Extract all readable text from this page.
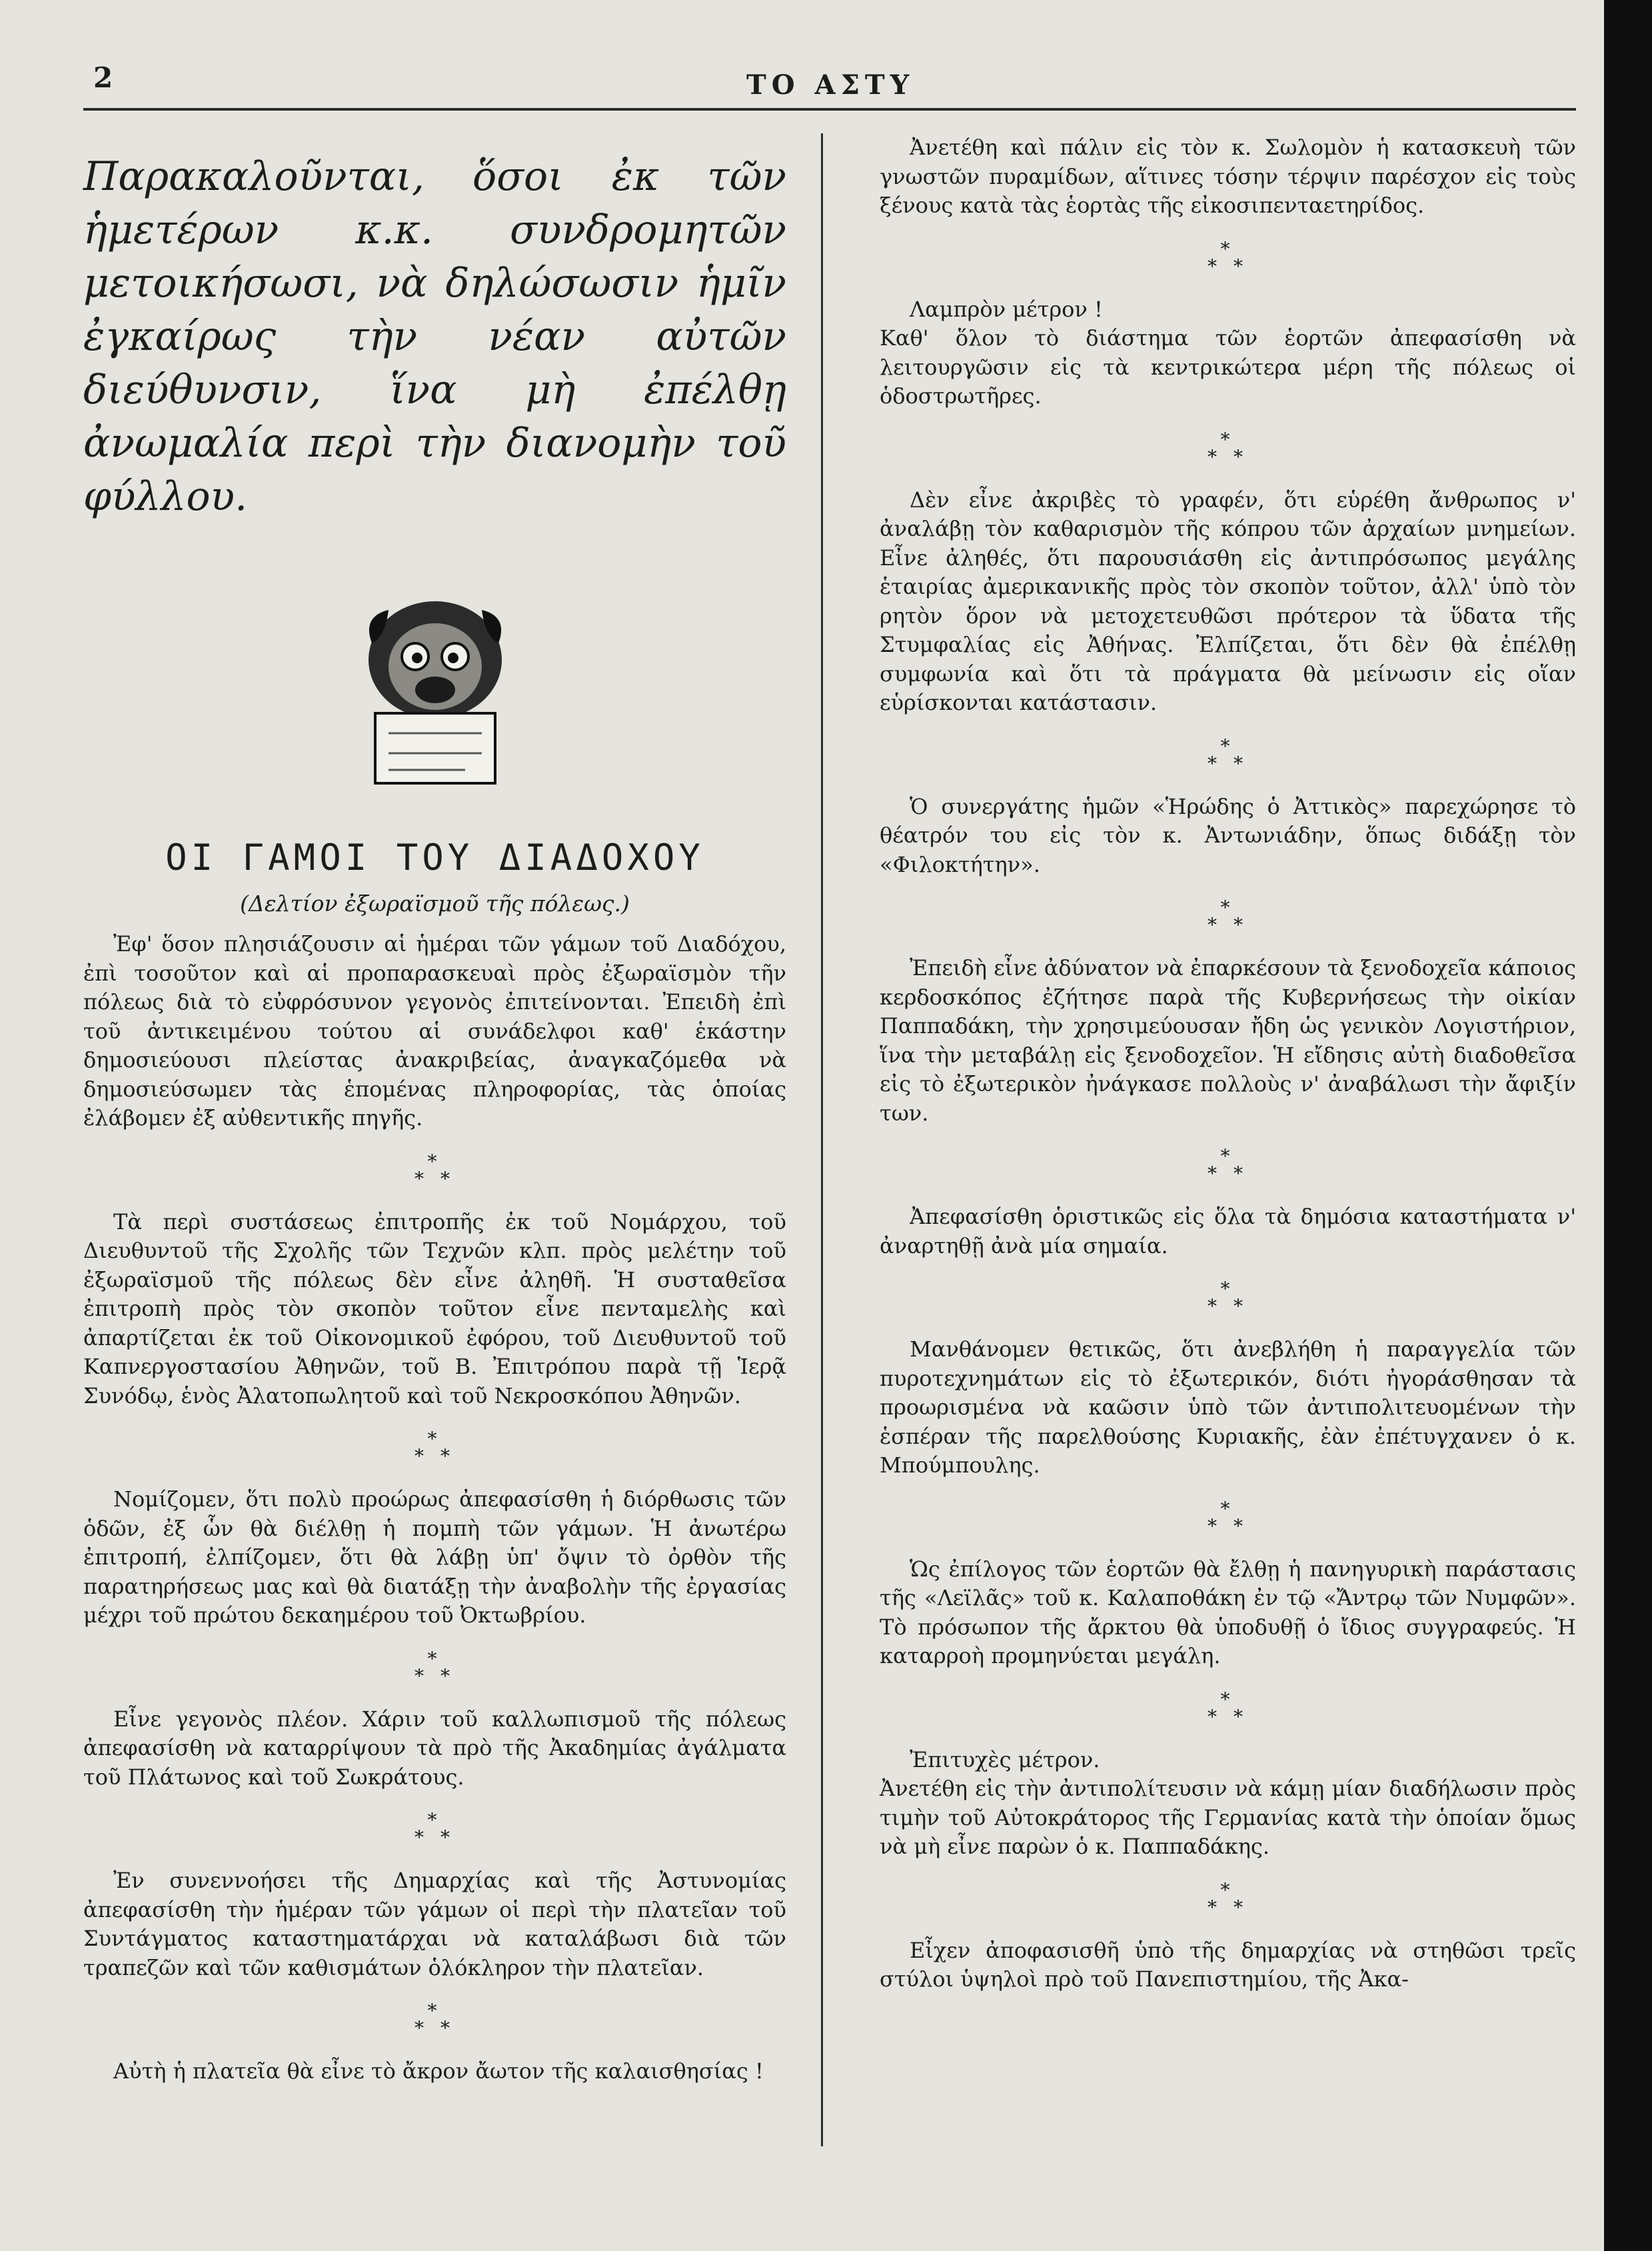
2	ΤΟ ΑΣΤΥ

Παρακαλοῦνται, ὅσοι ἐκ τῶν ἡμετέρων κ.κ. συνδρομητῶν μετοικήσωσι, νὰ δηλώσωσιν ἡμῖν ἐγκαίρως τὴν νέαν αὐτῶν διεύθυνσιν, ἵνα μὴ ἐπέλθῃ ἀνωμαλία περὶ τὴν διανομὴν τοῦ φύλλου.

ΟΙ ΓΑΜΟΙ ΤΟΥ ΔΙΑΔΟΧΟΥ
(Δελτίον ἐξωραϊσμοῦ τῆς πόλεως.)

Ἐφ' ὅσον πλησιάζουσιν αἱ ἡμέραι τῶν γάμων τοῦ Διαδόχου, ἐπὶ τοσοῦτον καὶ αἱ προπαρασκευαὶ πρὸς ἐξωραϊσμὸν τῆν πόλεως διὰ τὸ εὐφρόσυνον γεγονὸς ἐπιτείνονται. Ἐπειδὴ ἐπὶ τοῦ ἀντικειμένου τούτου αἱ συνάδελφοι καθ' ἑκάστην δημοσιεύουσι πλείστας ἀνακριβείας, ἀναγκαζόμεθα νὰ δημοσιεύσωμεν τὰς ἑπομένας πληροφορίας, τὰς ὁποίας ἐλάβομεν ἐξ αὐθεντικῆς πηγῆς.

*
* *

Τὰ περὶ συστάσεως ἐπιτροπῆς ἐκ τοῦ Νομάρχου, τοῦ Διευθυντοῦ τῆς Σχολῆς τῶν Τεχνῶν κλπ. πρὸς μελέτην τοῦ ἐξωραϊσμοῦ τῆς πόλεως δὲν εἶνε ἀληθῆ. Ἡ συσταθεῖσα ἐπιτροπὴ πρὸς τὸν σκοπὸν τοῦτον εἶνε πενταμελὴς καὶ ἀπαρτίζεται ἐκ τοῦ Οἰκονομικοῦ ἐφόρου, τοῦ Διευθυντοῦ τοῦ Καπνεργοστασίου Ἀθηνῶν, τοῦ Β. Ἐπιτρόπου παρὰ τῇ Ἱερᾷ Συνόδῳ, ἑνὸς Ἀλατοπωλητοῦ καὶ τοῦ Νεκροσκόπου Ἀθηνῶν.

*
* *

Νομίζομεν, ὅτι πολὺ προώρως ἀπεφασίσθη ἡ διόρθωσις τῶν ὁδῶν, ἐξ ὧν θὰ διέλθῃ ἡ πομπὴ τῶν γάμων. Ἡ ἀνωτέρω ἐπιτροπή, ἐλπίζομεν, ὅτι θὰ λάβῃ ὑπ' ὄψιν τὸ ὀρθὸν τῆς παρατηρήσεως μας καὶ θὰ διατάξῃ τὴν ἀναβολὴν τῆς ἐργασίας μέχρι τοῦ πρώτου δεκαημέρου τοῦ Ὀκτωβρίου.

*
* *

Εἶνε γεγονὸς πλέον. Χάριν τοῦ καλλωπισμοῦ τῆς πόλεως ἀπεφασίσθη νὰ καταρρίψουν τὰ πρὸ τῆς Ἀκαδημίας ἀγάλματα τοῦ Πλάτωνος καὶ τοῦ Σωκράτους.

*
* *

Ἐν συνεννοήσει τῆς Δημαρχίας καὶ τῆς Ἀστυνομίας ἀπεφασίσθη τὴν ἡμέραν τῶν γάμων οἱ περὶ τὴν πλατεῖαν τοῦ Συντάγματος καταστηματάρχαι νὰ καταλάβωσι διὰ τῶν τραπεζῶν καὶ τῶν καθισμάτων ὁλόκληρον τὴν πλατεῖαν.

*
* *

Αὐτὴ ἡ πλατεῖα θὰ εἶνε τὸ ἄκρον ἄωτον τῆς καλαισθησίας !

Ἀνετέθη καὶ πάλιν εἰς τὸν κ. Σωλομὸν ἡ κατασκευὴ τῶν γνωστῶν πυραμίδων, αἵτινες τόσην τέρψιν παρέσχον εἰς τοὺς ξένους κατὰ τὰς ἑορτὰς τῆς εἰκοσιπενταετηρίδος.

*
* *

Λαμπρὸν μέτρον !
Καθ' ὅλον τὸ διάστημα τῶν ἑορτῶν ἀπεφασίσθη νὰ λειτουργῶσιν εἰς τὰ κεντρικώτερα μέρη τῆς πόλεως οἱ ὁδοστρωτῆρες.

*
* *

Δὲν εἶνε ἀκριβὲς τὸ γραφέν, ὅτι εὑρέθη ἄνθρωπος ν' ἀναλάβῃ τὸν καθαρισμὸν τῆς κόπρου τῶν ἀρχαίων μνημείων. Εἶνε ἀληθές, ὅτι παρουσιάσθη εἰς ἀντιπρόσωπος μεγάλης ἑταιρίας ἀμερικανικῆς πρὸς τὸν σκοπὸν τοῦτον, ἀλλ' ὑπὸ τὸν ρητὸν ὅρον νὰ μετοχετευθῶσι πρότερον τὰ ὕδατα τῆς Στυμφαλίας εἰς Ἀθήνας. Ἐλπίζεται, ὅτι δὲν θὰ ἐπέλθῃ συμφωνία καὶ ὅτι τὰ πράγματα θὰ μείνωσιν εἰς οἵαν εὑρίσκονται κατάστασιν.

*
* *

Ὁ συνεργάτης ἡμῶν «Ἡρώδης ὁ Ἀττικὸς» παρεχώρησε τὸ θέατρόν του εἰς τὸν κ. Ἀντωνιάδην, ὅπως διδάξῃ τὸν «Φιλοκτήτην».

*
* *

Ἐπειδὴ εἶνε ἀδύνατον νὰ ἐπαρκέσουν τὰ ξενοδοχεῖα κάποιος κερδοσκόπος ἐζήτησε παρὰ τῆς Κυβερνήσεως τὴν οἰκίαν Παππαδάκη, τὴν χρησιμεύουσαν ἤδη ὡς γενικὸν Λογιστήριον, ἵνα τὴν μεταβάλῃ εἰς ξενοδοχεῖον. Ἡ εἴδησις αὐτὴ διαδοθεῖσα εἰς τὸ ἐξωτερικὸν ἠνάγκασε πολλοὺς ν' ἀναβάλωσι τὴν ἄφιξίν των.

*
* *

Ἀπεφασίσθη ὁριστικῶς εἰς ὅλα τὰ δημόσια καταστήματα ν' ἀναρτηθῇ ἀνὰ μία σημαία.

*
* *

Μανθάνομεν θετικῶς, ὅτι ἀνεβλήθη ἡ παραγγελία τῶν πυροτεχνημάτων εἰς τὸ ἐξωτερικόν, διότι ἠγοράσθησαν τὰ προωρισμένα νὰ καῶσιν ὑπὸ τῶν ἀντιπολιτευομένων τὴν ἑσπέραν τῆς παρελθούσης Κυριακῆς, ἐὰν ἐπέτυγχανεν ὁ κ. Μπούμπουλης.

*
* *

Ὡς ἐπίλογος τῶν ἑορτῶν θὰ ἔλθῃ ἡ πανηγυρικὴ παράστασις τῆς «Λεϊλᾶς» τοῦ κ. Καλαποθάκη ἐν τῷ «Ἄντρῳ τῶν Νυμφῶν». Τὸ πρόσωπον τῆς ἄρκτου θὰ ὑποδυθῇ ὁ ἴδιος συγγραφεύς. Ἡ καταρροὴ προμηνύεται μεγάλη.

*
* *

Ἐπιτυχὲς μέτρον.
Ἀνετέθη εἰς τὴν ἀντιπολίτευσιν νὰ κάμῃ μίαν διαδήλωσιν πρὸς τιμὴν τοῦ Αὐτοκράτορος τῆς Γερμανίας κατὰ τὴν ὁποίαν ὅμως νὰ μὴ εἶνε παρὼν ὁ κ. Παππαδάκης.

*
* *

Εἶχεν ἀποφασισθῆ ὑπὸ τῆς δημαρχίας νὰ στηθῶσι τρεῖς στύλοι ὑψηλοὶ πρὸ τοῦ Πανεπιστημίου, τῆς Ἀκα-
